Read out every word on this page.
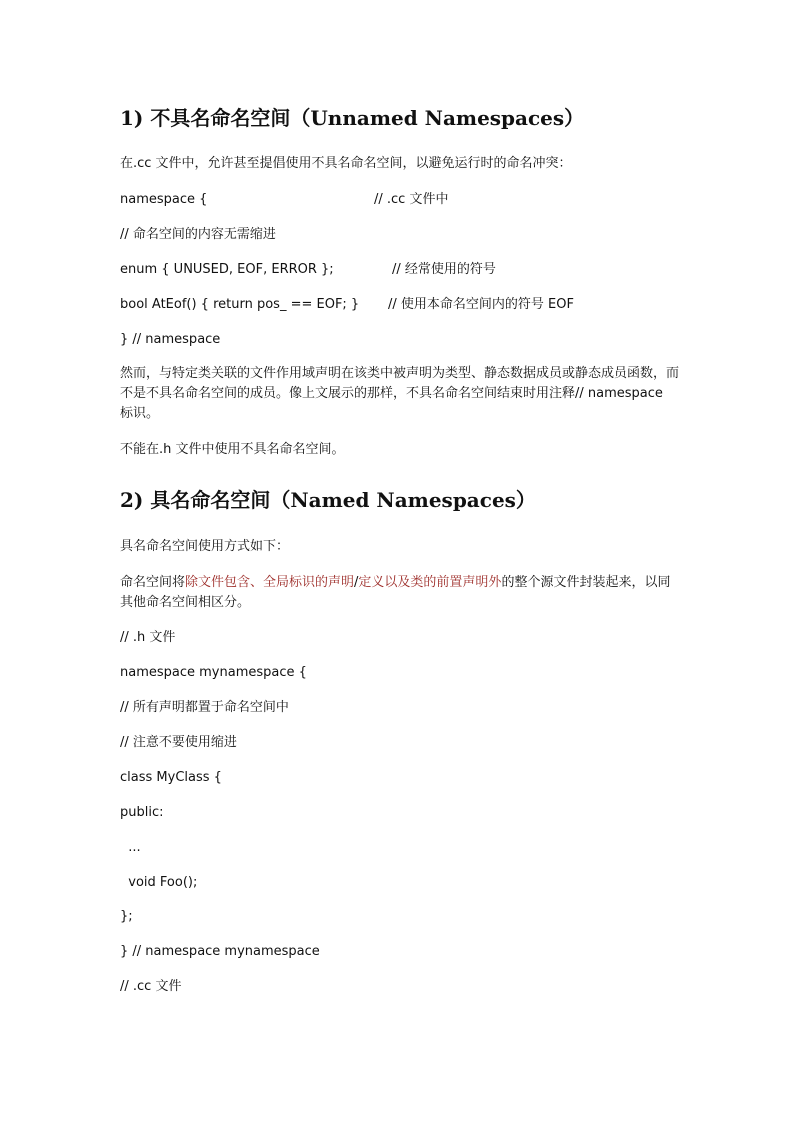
1) 不具名命名空间（Unnamed Namespaces）

在.cc 文件中，允许甚至提倡使用不具名命名空间，以避免运行时的命名冲突：

namespace {	// .cc 文件中
// 命名空间的内容无需缩进
enum { UNUSED, EOF, ERROR };	// 经常使用的符号
bool AtEof() { return pos_ == EOF; } // 使用本命名空间内的符号 EOF
} // namespace

然而，与特定类关联的文件作用域声明在该类中被声明为类型、静态数据成员或静态成员函数，而不是不具名命名空间的成员。像上文展示的那样，不具名命名空间结束时用注释// namespace 标识。

不能在.h 文件中使用不具名命名空间。

2) 具名命名空间（Named Namespaces）

具名命名空间使用方式如下：

命名空间将除文件包含、全局标识的声明/定义以及类的前置声明外的整个源文件封装起来，以同其他命名空间相区分。

// .h 文件
namespace mynamespace {
// 所有声明都置于命名空间中
// 注意不要使用缩进
class MyClass {
public:
...
void Foo();
};
} // namespace mynamespace
// .cc 文件
